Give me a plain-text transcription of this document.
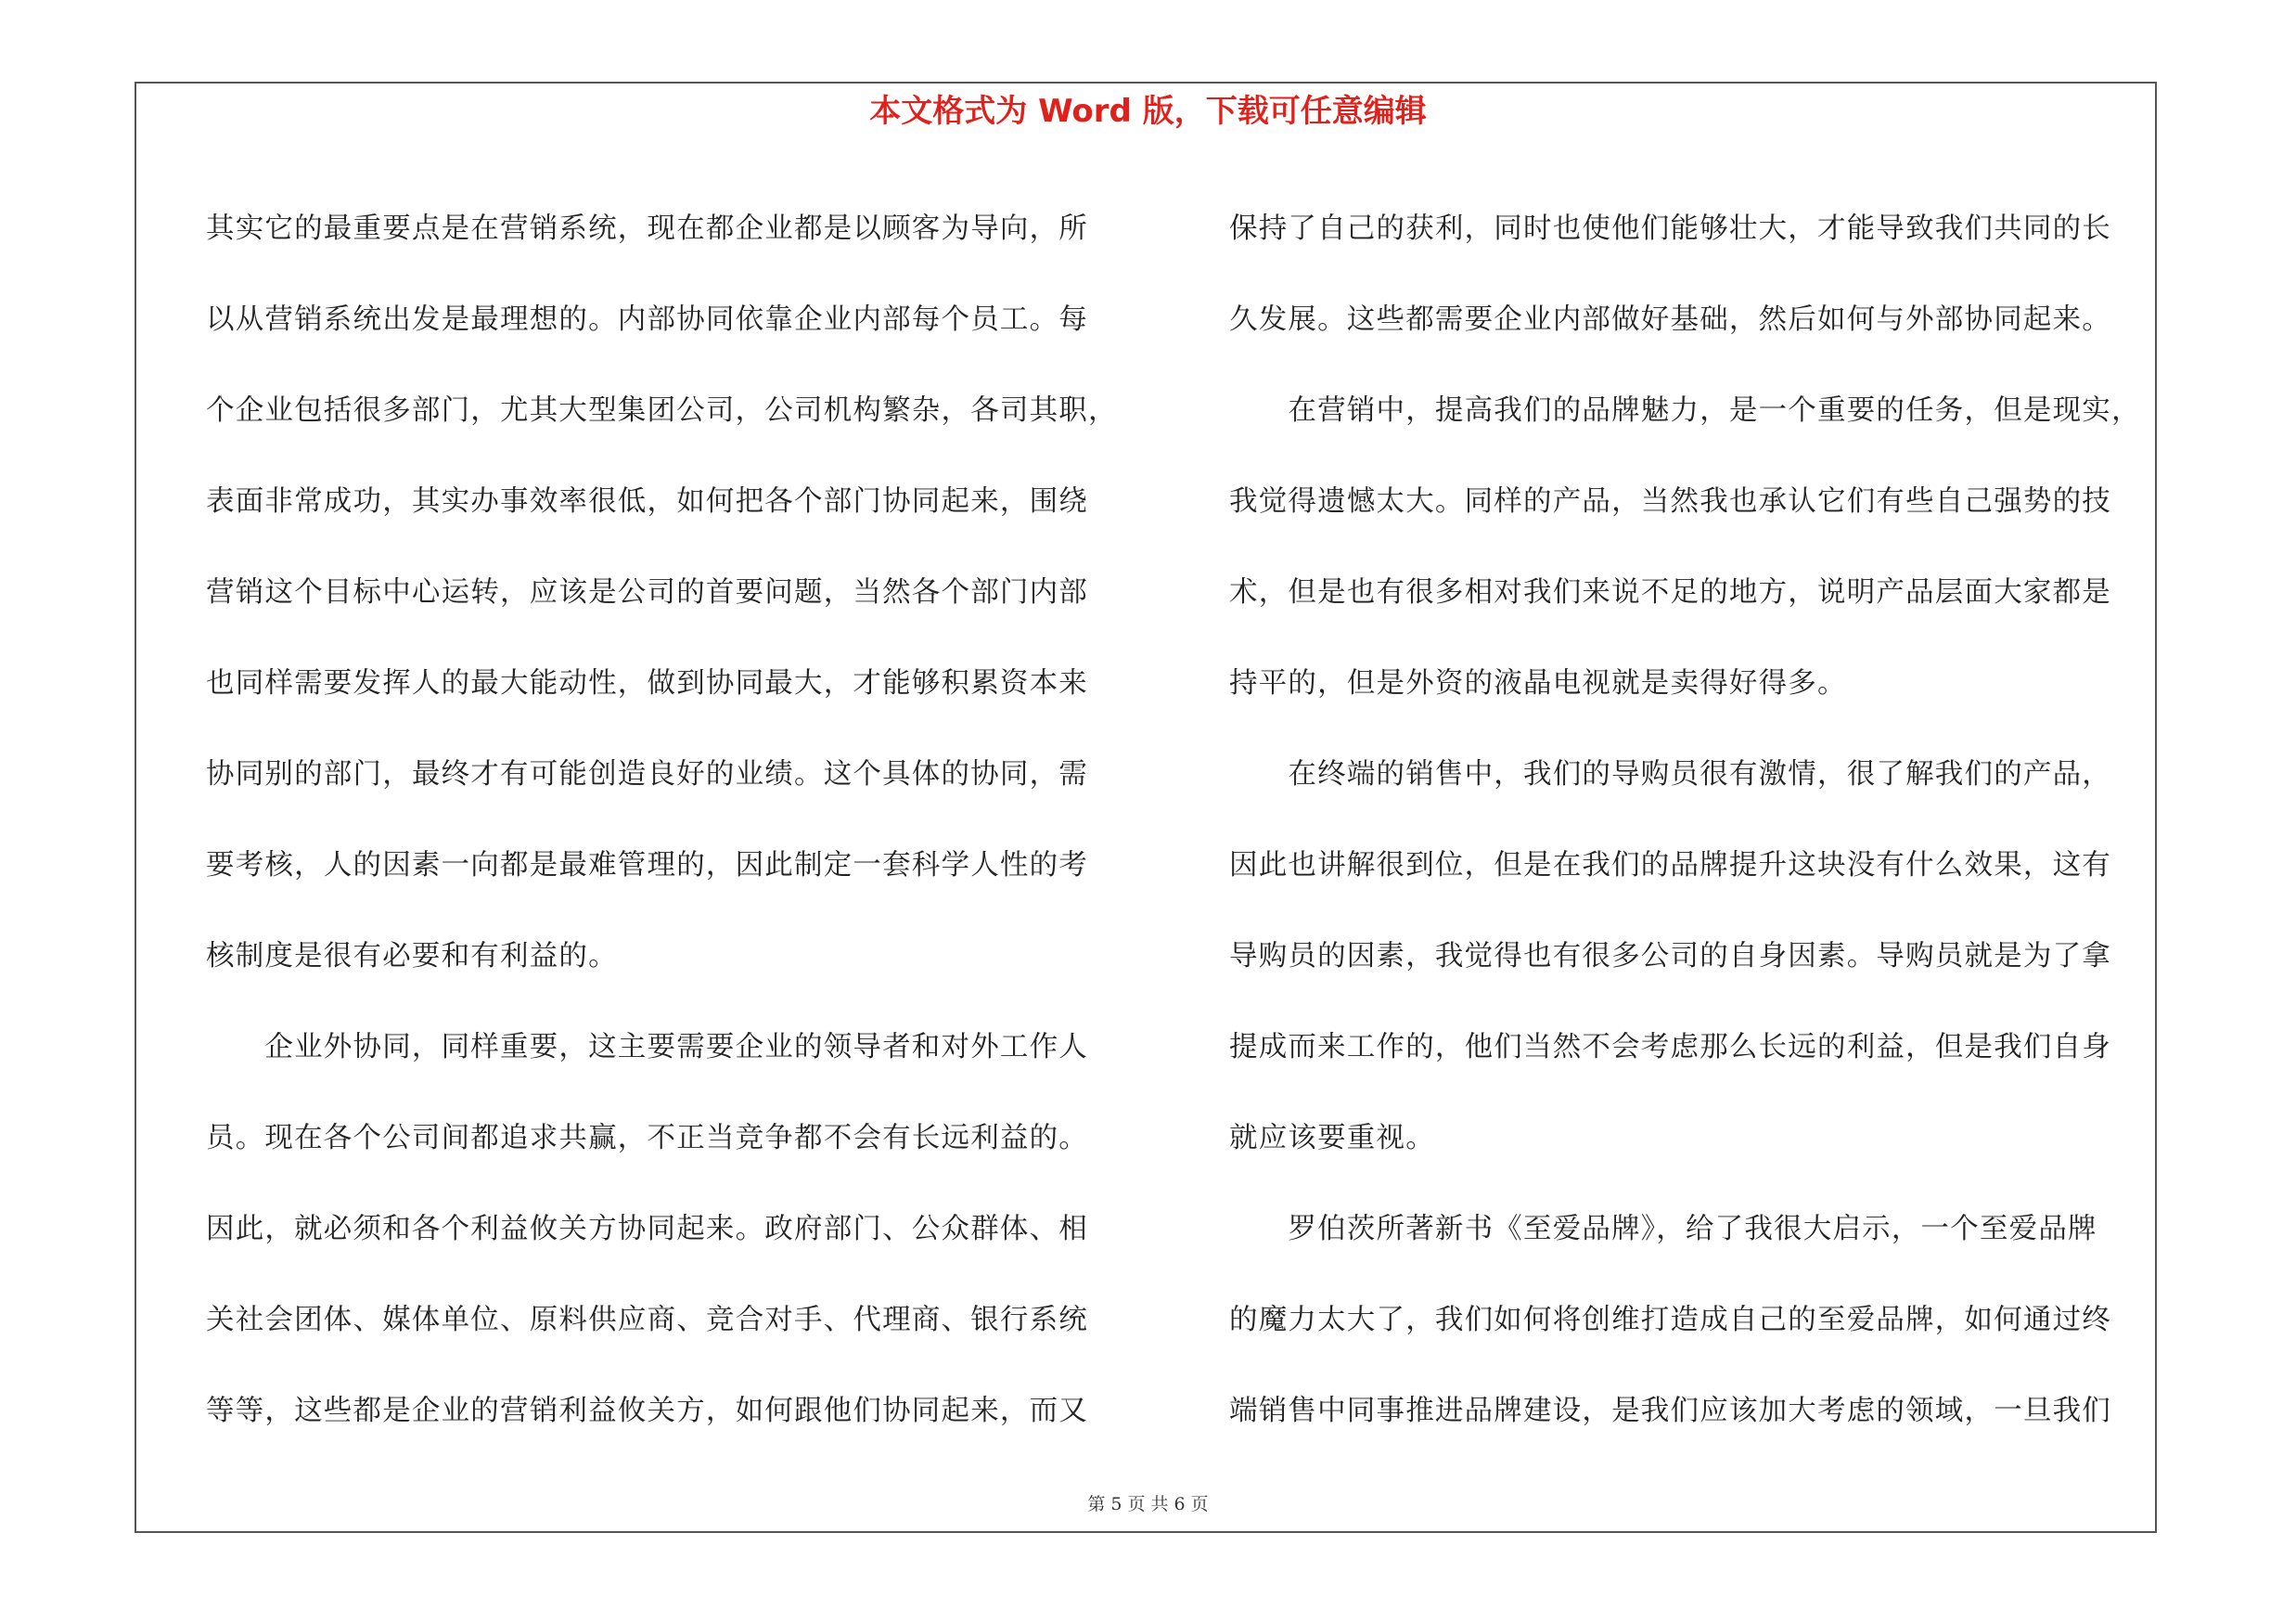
本文格式为 Word 版，下载可任意编辑
其实它的最重要点是在营销系统，现在都企业都是以顾客为导向，所
以从营销系统出发是最理想的。内部协同依靠企业内部每个员工。每
个企业包括很多部门，尤其大型集团公司，公司机构繁杂，各司其职，
表面非常成功，其实办事效率很低，如何把各个部门协同起来，围绕
营销这个目标中心运转，应该是公司的首要问题，当然各个部门内部
也同样需要发挥人的最大能动性，做到协同最大，才能够积累资本来
协同别的部门，最终才有可能创造良好的业绩。这个具体的协同，需
要考核，人的因素一向都是最难管理的，因此制定一套科学人性的考
核制度是很有必要和有利益的。
　　企业外协同，同样重要，这主要需要企业的领导者和对外工作人
员。现在各个公司间都追求共赢，不正当竞争都不会有长远利益的。
因此，就必须和各个利益攸关方协同起来。政府部门、公众群体、相
关社会团体、媒体单位、原料供应商、竞合对手、代理商、银行系统
等等，这些都是企业的营销利益攸关方，如何跟他们协同起来，而又
保持了自己的获利，同时也使他们能够壮大，才能导致我们共同的长
久发展。这些都需要企业内部做好基础，然后如何与外部协同起来。
　　在营销中，提高我们的品牌魅力，是一个重要的任务，但是现实，
我觉得遗憾太大。同样的产品，当然我也承认它们有些自己强势的技
术，但是也有很多相对我们来说不足的地方，说明产品层面大家都是
持平的，但是外资的液晶电视就是卖得好得多。
　　在终端的销售中，我们的导购员很有激情，很了解我们的产品，
因此也讲解很到位，但是在我们的品牌提升这块没有什么效果，这有
导购员的因素，我觉得也有很多公司的自身因素。导购员就是为了拿
提成而来工作的，他们当然不会考虑那么长远的利益，但是我们自身
就应该要重视。
　　罗伯茨所著新书《至爱品牌》，给了我很大启示，一个至爱品牌
的魔力太大了，我们如何将创维打造成自己的至爱品牌，如何通过终
端销售中同事推进品牌建设，是我们应该加大考虑的领域，一旦我们
第 5 页 共 6 页
